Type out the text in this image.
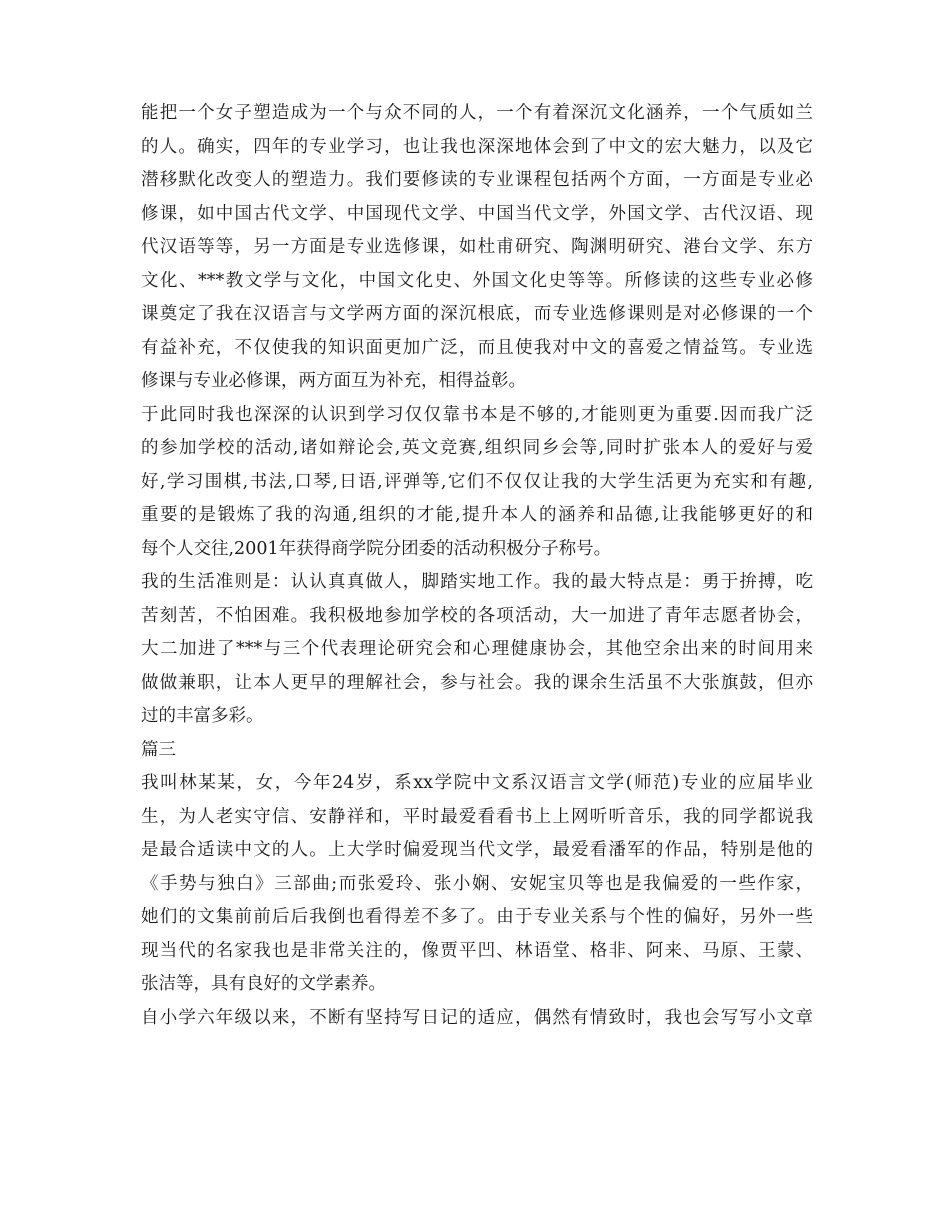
能把一个女子塑造成为一个与众不同的人，一个有着深沉文化涵养，一个气质如兰
的人。确实，四年的专业学习，也让我也深深地体会到了中文的宏大魅力，以及它
潜移默化改变人的塑造力。我们要修读的专业课程包括两个方面，一方面是专业必
修课，如中国古代文学、中国现代文学、中国当代文学，外国文学、古代汉语、现
代汉语等等，另一方面是专业选修课，如杜甫研究、陶渊明研究、港台文学、东方
文化、***教文学与文化，中国文化史、外国文化史等等。所修读的这些专业必修
课奠定了我在汉语言与文学两方面的深沉根底，而专业选修课则是对必修课的一个
有益补充，不仅使我的知识面更加广泛，而且使我对中文的喜爱之情益笃。专业选
修课与专业必修课，两方面互为补充，相得益彰。
于此同时我也深深的认识到学习仅仅靠书本是不够的,才能则更为重要.因而我广泛
的参加学校的活动,诸如辩论会,英文竞赛,组织同乡会等,同时扩张本人的爱好与爱
好,学习围棋,书法,口琴,日语,评弹等,它们不仅仅让我的大学生活更为充实和有趣,
重要的是锻炼了我的沟通,组织的才能,提升本人的涵养和品德,让我能够更好的和
每个人交往,2001年获得商学院分团委的活动积极分子称号。
我的生活准则是：认认真真做人，脚踏实地工作。我的最大特点是：勇于拚搏，吃
苦刻苦，不怕困难。我积极地参加学校的各项活动，大一加进了青年志愿者协会，
大二加进了***与三个代表理论研究会和心理健康协会，其他空余出来的时间用来
做做兼职，让本人更早的理解社会，参与社会。我的课余生活虽不大张旗鼓，但亦
过的丰富多彩。
篇三
我叫林某某，女，今年24岁，系xx学院中文系汉语言文学(师范)专业的应届毕业
生，为人老实守信、安静祥和，平时最爱看看书上上网听听音乐，我的同学都说我
是最合适读中文的人。上大学时偏爱现当代文学，最爱看潘军的作品，特别是他的
《手势与独白》三部曲;而张爱玲、张小娴、安妮宝贝等也是我偏爱的一些作家，
她们的文集前前后后我倒也看得差不多了。由于专业关系与个性的偏好，另外一些
现当代的名家我也是非常关注的，像贾平凹、林语堂、格非、阿来、马原、王蒙、
张洁等，具有良好的文学素养。
自小学六年级以来，不断有坚持写日记的适应，偶然有情致时，我也会写写小文章
